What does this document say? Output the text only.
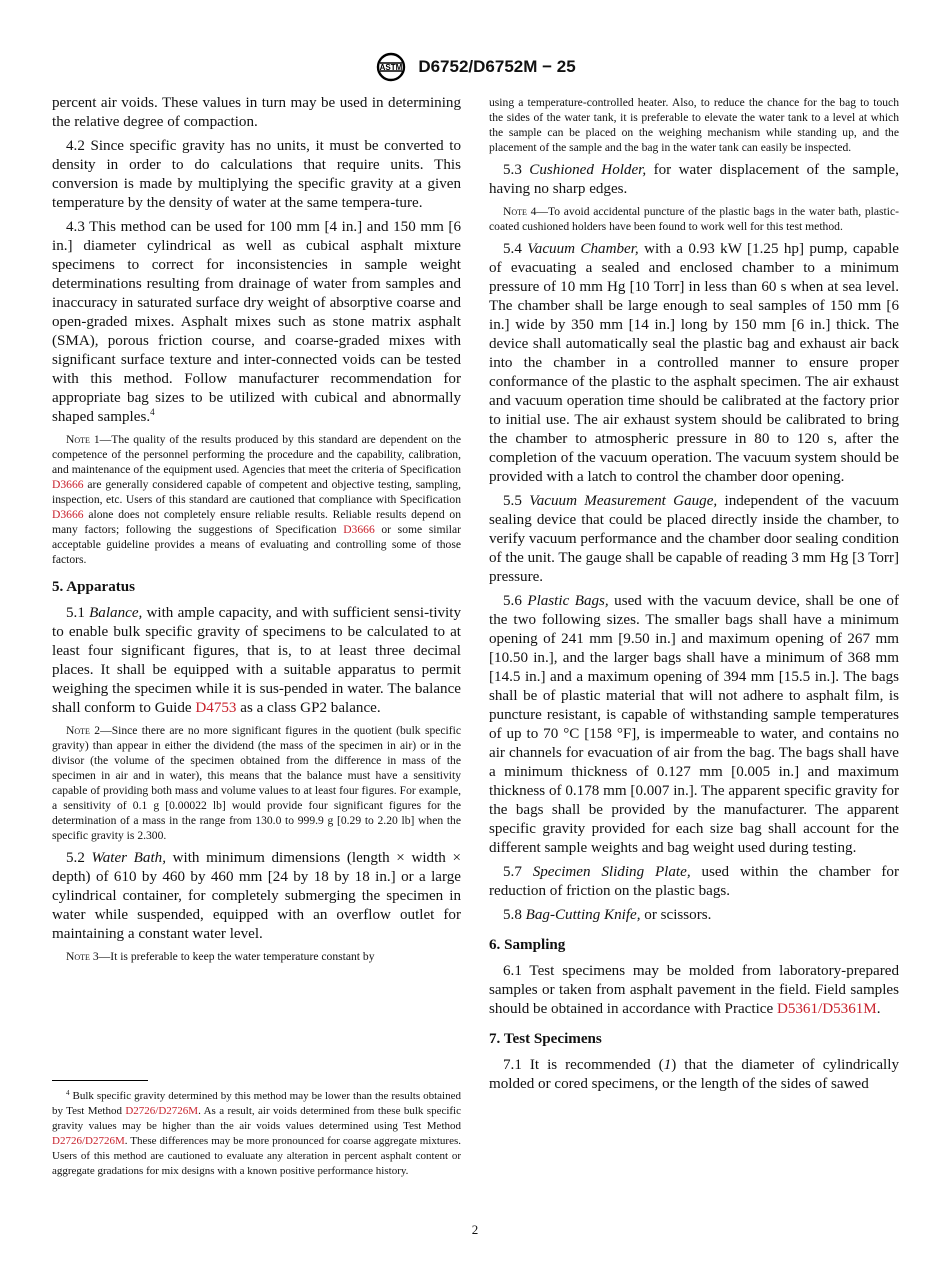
ASTM D6752/D6752M − 25

percent air voids. These values in turn may be used in determining the relative degree of compaction.

4.2 Since specific gravity has no units, it must be converted to density in order to do calculations that require units. This conversion is made by multiplying the specific gravity at a given temperature by the density of water at the same tempera-ture.

4.3 This method can be used for 100 mm [4 in.] and 150 mm [6 in.] diameter cylindrical as well as cubical asphalt mixture specimens to correct for inconsistencies in sample weight determinations resulting from drainage of water from samples and inaccuracy in saturated surface dry weight of absorptive coarse and open-graded mixes. Asphalt mixes such as stone matrix asphalt (SMA), porous friction course, and coarse-graded mixes with significant surface texture and inter-connected voids can be tested with this method. Follow manufacturer recommendation for appropriate bag sizes to be utilized with cubical and abnormally shaped samples.$^4$

Note 1—The quality of the results produced by this standard are dependent on the competence of the personnel performing the procedure and the capability, calibration, and maintenance of the equipment used. Agencies that meet the criteria of Specification D3666 are generally considered capable of competent and objective testing, sampling, inspection, etc. Users of this standard are cautioned that compliance with Specification D3666 alone does not completely ensure reliable results. Reliable results depend on many factors; following the suggestions of Specification D3666 or some similar acceptable guideline provides a means of evaluating and controlling some of those factors.

5. Apparatus

5.1 Balance, with ample capacity, and with sufficient sensi-tivity to enable bulk specific gravity of specimens to be calculated to at least four significant figures, that is, to at least three decimal places. It shall be equipped with a suitable apparatus to permit weighing the specimen while it is sus-pended in water. The balance shall conform to Guide D4753 as a class GP2 balance.

Note 2—Since there are no more significant figures in the quotient (bulk specific gravity) than appear in either the dividend (the mass of the specimen in air) or in the divisor (the volume of the specimen obtained from the difference in mass of the specimen in air and in water), this means that the balance must have a sensitivity capable of providing both mass and volume values to at least four figures. For example, a sensitivity of 0.1 g [0.00022 lb] would provide four significant figures for the determination of a mass in the range from 130.0 to 999.9 g [0.29 to 2.20 lb] when the specific gravity is 2.300.

5.2 Water Bath, with minimum dimensions (length × width × depth) of 610 by 460 by 460 mm [24 by 18 by 18 in.] or a large cylindrical container, for completely submerging the specimen in water while suspended, equipped with an overflow outlet for maintaining a constant water level.

Note 3—It is preferable to keep the water temperature constant by

$^4$ Bulk specific gravity determined by this method may be lower than the results obtained by Test Method D2726/D2726M. As a result, air voids determined from these bulk specific gravity values may be higher than the air voids values determined using Test Method D2726/D2726M. These differences may be more pronounced for coarse aggregate mixtures. Users of this method are cautioned to evaluate any alteration in percent asphalt content or aggregate gradations for mix designs with a known positive performance history.

using a temperature-controlled heater. Also, to reduce the chance for the bag to touch the sides of the water tank, it is preferable to elevate the water tank to a level at which the sample can be placed on the weighing mechanism while standing up, and the placement of the sample and the bag in the water tank can easily be inspected.

5.3 Cushioned Holder, for water displacement of the sample, having no sharp edges.

Note 4—To avoid accidental puncture of the plastic bags in the water bath, plastic-coated cushioned holders have been found to work well for this test method.

5.4 Vacuum Chamber, with a 0.93 kW [1.25 hp] pump, capable of evacuating a sealed and enclosed chamber to a minimum pressure of 10 mm Hg [10 Torr] in less than 60 s when at sea level. The chamber shall be large enough to seal samples of 150 mm [6 in.] wide by 350 mm [14 in.] long by 150 mm [6 in.] thick. The device shall automatically seal the plastic bag and exhaust air back into the chamber in a controlled manner to ensure proper conformance of the plastic to the asphalt specimen. The air exhaust and vacuum operation time should be calibrated at the factory prior to initial use. The air exhaust system should be calibrated to bring the chamber to atmospheric pressure in 80 to 120 s, after the completion of the vacuum operation. The vacuum system should be provided with a latch to control the chamber door opening.

5.5 Vacuum Measurement Gauge, independent of the vacuum sealing device that could be placed directly inside the chamber, to verify vacuum performance and the chamber door sealing condition of the unit. The gauge shall be capable of reading 3 mm Hg [3 Torr] pressure.

5.6 Plastic Bags, used with the vacuum device, shall be one of the two following sizes. The smaller bags shall have a minimum opening of 241 mm [9.50 in.] and maximum opening of 267 mm [10.50 in.], and the larger bags shall have a minimum of 368 mm [14.5 in.] and a maximum opening of 394 mm [15.5 in.]. The bags shall be of plastic material that will not adhere to asphalt film, is puncture resistant, is capable of withstanding sample temperatures of up to 70 °C [158 °F], is impermeable to water, and contains no air channels for evacuation of air from the bag. The bags shall have a minimum thickness of 0.127 mm [0.005 in.] and maximum thickness of 0.178 mm [0.007 in.]. The apparent specific gravity for the bags shall be provided by the manufacturer. The apparent specific gravity provided for each size bag shall account for the different sample weights and bag weight used during testing.

5.7 Specimen Sliding Plate, used within the chamber for reduction of friction on the plastic bags.

5.8 Bag-Cutting Knife, or scissors.

6. Sampling

6.1 Test specimens may be molded from laboratory-prepared samples or taken from asphalt pavement in the field. Field samples should be obtained in accordance with Practice D5361/D5361M.

7. Test Specimens

7.1 It is recommended (1) that the diameter of cylindrically molded or cored specimens, or the length of the sides of sawed

2
